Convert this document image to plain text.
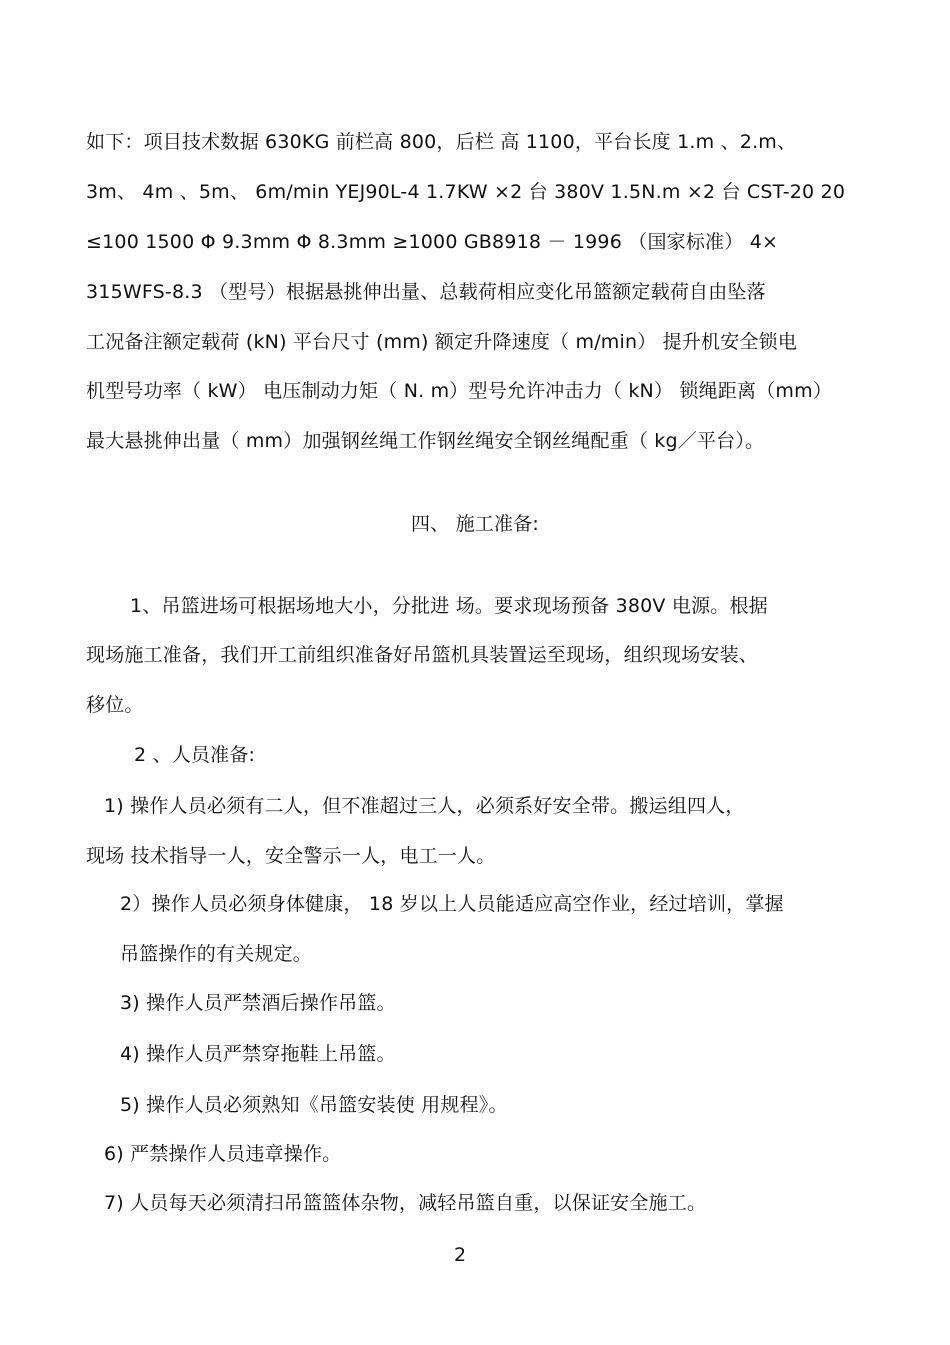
如下：项目技术数据 630KG 前栏高 800，后栏 高 1100，平台长度 1.m 、2.m、
3m、 4m 、5m、 6m/min YEJ90L-4 1.7KW ×2 台 380V 1.5N.m ×2 台 CST-20 20
≤100 1500 Φ 9.3mm Φ 8.3mm ≥1000 GB8918 － 1996 （国家标准） 4×
315WFS-8.3 （型号）根据悬挑伸出量、总载荷相应变化吊篮额定载荷自由坠落
工况备注额定载荷 (kN) 平台尺寸 (mm) 额定升降速度（ m/min） 提升机安全锁电
机型号功率（ kW） 电压制动力矩（ N. m）型号允许冲击力（ kN） 锁绳距离（mm）
最大悬挑伸出量（ mm）加强钢丝绳工作钢丝绳安全钢丝绳配重（ kg／平台）。
四、 施工准备:
1、吊篮进场可根据场地大小，分批进 场。要求现场预备 380V 电源。根据
现场施工准备，我们开工前组织准备好吊篮机具装置运至现场，组织现场安装、
移位。
2 、人员准备:
1) 操作人员必须有二人，但不准超过三人，必须系好安全带。搬运组四人，
现场 技术指导一人，安全警示一人，电工一人。
2）操作人员必须身体健康， 18 岁以上人员能适应高空作业，经过培训，掌握
吊篮操作的有关规定。
3) 操作人员严禁酒后操作吊篮。
4) 操作人员严禁穿拖鞋上吊篮。
5) 操作人员必须熟知《吊篮安装使 用规程》。
6) 严禁操作人员违章操作。
7) 人员每天必须清扫吊篮篮体杂物，减轻吊篮自重，以保证安全施工。
2
